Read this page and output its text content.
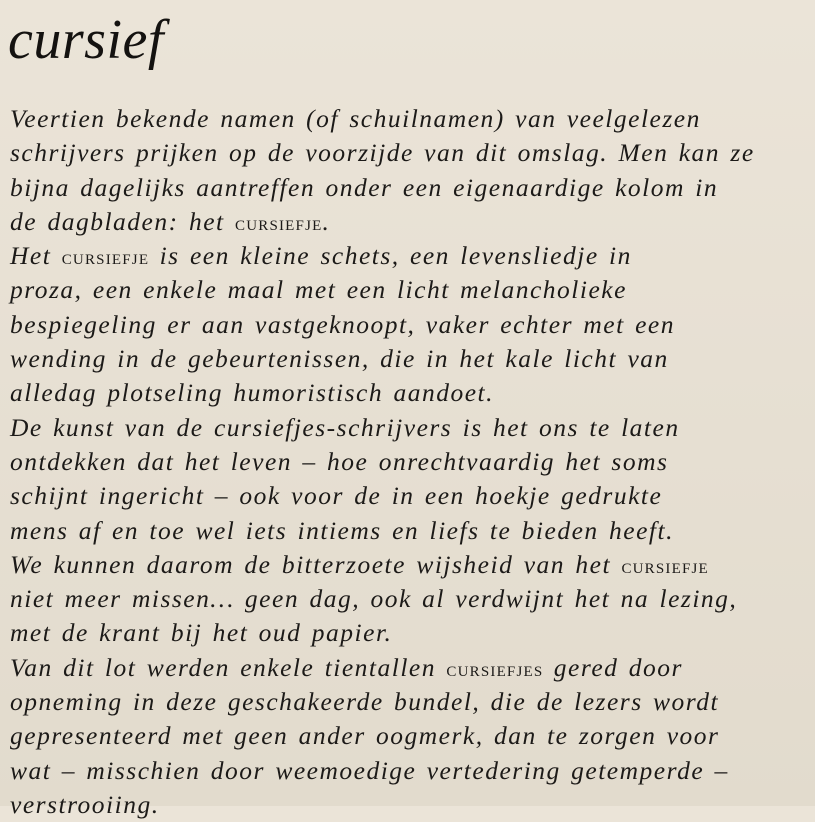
cursief

Veertien bekende namen (of schuilnamen) van veelgelezen
schrijvers prijken op de voorzijde van dit omslag. Men kan ze
bijna dagelijks aantreffen onder een eigenaardige kolom in
de dagbladen: het cursiefje.

Het cursiefje is een kleine schets, een levensliedje in
proza, een enkele maal met een licht melancholieke
bespiegeling er aan vastgeknoopt, vaker echter met een
wending in de gebeurtenissen, die in het kale licht van
alledag plotseling humoristisch aandoet.

De kunst van de cursiefjes-schrijvers is het ons te laten
ontdekken dat het leven – hoe onrechtvaardig het soms
schijnt ingericht – ook voor de in een hoekje gedrukte
mens af en toe wel iets intiems en liefs te bieden heeft.

We kunnen daarom de bitterzoete wijsheid van het cursiefje
niet meer missen… geen dag, ook al verdwijnt het na lezing,
met de krant bij het oud papier.

Van dit lot werden enkele tientallen cursiefjes gered door
opneming in deze geschakeerde bundel, die de lezers wordt
gepresenteerd met geen ander oogmerk, dan te zorgen voor
wat – misschien door weemoedige vertedering getemperde –
verstrooiing.
